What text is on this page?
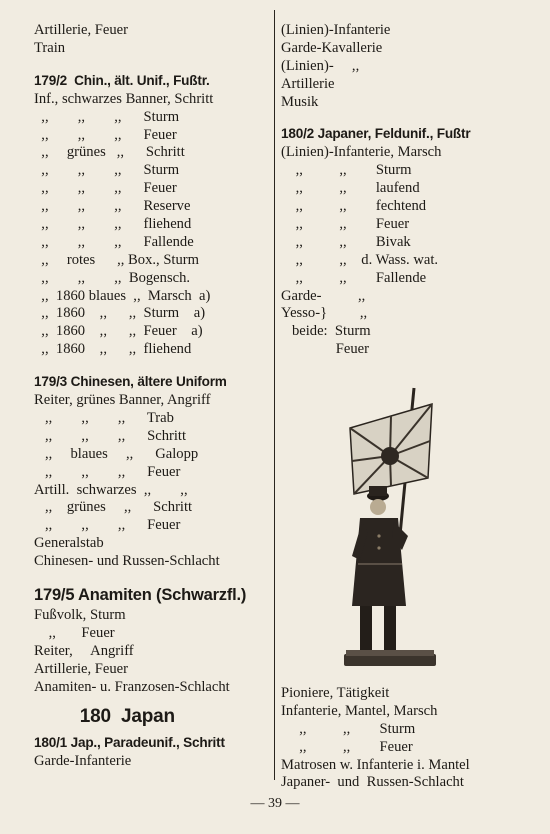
Artillerie, Feuer
Train
179/2  Chin., ält. Unif., Fußtr.
Inf., schwarzes Banner, Schritt
,,        ,,        ,,      Sturm
,,        ,,        ,,      Feuer
,,     grünes   ,,      Schritt
,,        ,,        ,,      Sturm
,,        ,,        ,,      Feuer
,,        ,,        ,,      Reserve
,,        ,,        ,,      fliehend
,,        ,,        ,,      Fallende
,,     rotes      ,, Box., Sturm
,,        ,,        ,,  Bogensch.
,,  1860 blaues  ,,  Marsch  a)
,,  1860    ,,      ,,  Sturm    a)
,,  1860    ,,      ,,  Feuer    a)
,,  1860    ,,      ,,  fliehend
179/3 Chinesen, ältere Uniform
Reiter, grünes Banner, Angriff
,,        ,,        ,,      Trab
,,        ,,        ,,      Schritt
,,     blaues     ,,      Galopp
,,        ,,        ,,      Feuer
Artill.  schwarzes  ,,        ,,
,,    grünes     ,,      Schritt
,,        ,,        ,,      Feuer
Generalstab
Chinesen- und Russen-Schlacht
179/5 Anamiten (Schwarzfl.)
Fußvolk, Sturm
,,       Feuer
Reiter,     Angriff
Artillerie, Feuer
Anamiten- u. Franzosen-Schlacht
180  Japan
180/1 Jap., Paradeunif., Schritt
Garde-Infanterie
(Linien)-Infanterie
Garde-Kavallerie
(Linien)-     ,,
Artillerie
Musik
180/2 Japaner, Feldunif., Fußtr
(Linien)-Infanterie, Marsch
,,          ,,        Sturm
,,          ,,        laufend
,,          ,,        fechtend
,,          ,,        Feuer
,,          ,,        Bivak
,,          ,,    d. Wass. wat.
,,          ,,        Fallende
Garde-          ,,
Yesso-}         ,,
beide:  Sturm
Feuer
Pioniere, Tätigkeit
Infanterie, Mantel, Marsch
,,          ,,        Sturm
,,          ,,        Feuer
Matrosen w. Infanterie i. Mantel
Japaner-  und  Russen-Schlacht
— 39 —
